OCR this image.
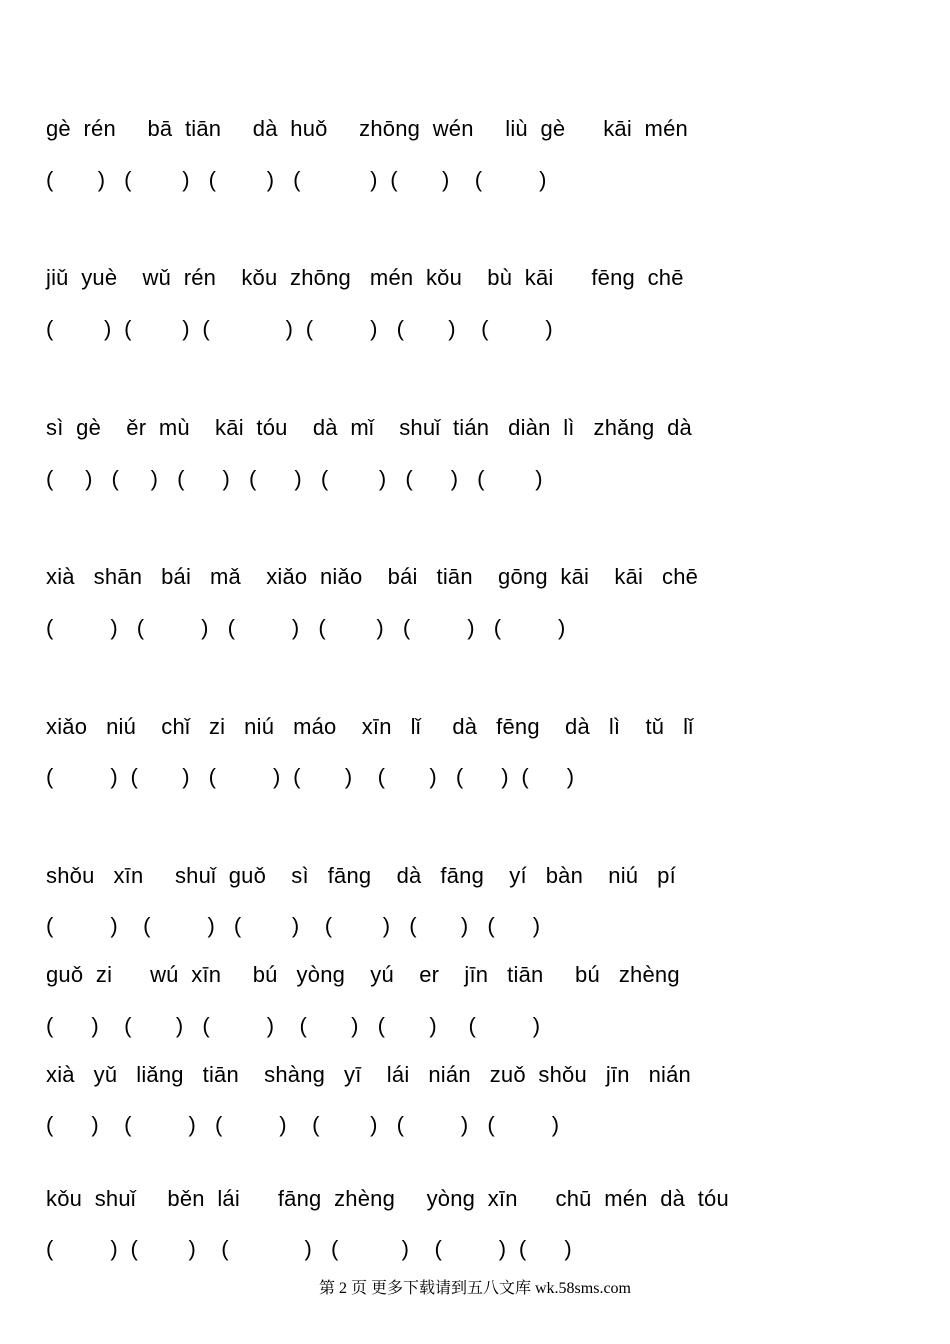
gè  rén     bā  tiān     dà  huǒ     zhōng  wén     liù  gè      kāi  mén
(       )   (        )   (        )   (           )  (       )    (         )
jiǔ  yuè    wǔ  rén    kǒu  zhōng   mén  kǒu    bù  kāi      fēng  chē
(        )  (        )  (            )  (         )   (       )    (         )
sì  gè    ěr  mù    kāi  tóu    dà  mǐ    shuǐ  tián   diàn  lì   zhǎng  dà
(     )   (     )   (      )   (      )   (        )   (      )   (        )
xià   shān   bái   mǎ    xiǎo  niǎo    bái   tiān    gōng  kāi    kāi   chē
(         )   (         )   (         )   (        )   (         )   (         )
xiǎo   niú    chǐ   zi   niú   máo    xīn   lǐ     dà   fēng    dà   lì    tǔ   lǐ
(         )  (       )   (         )  (       )    (       )   (      )  (      )
shǒu   xīn     shuǐ  guǒ    sì   fāng    dà   fāng    yí   bàn    niú   pí
(         )    (         )   (        )    (        )   (       )   (      )
guǒ  zi      wú  xīn     bú   yòng    yú    er    jīn   tiān     bú   zhèng
(      )    (       )   (         )    (       )   (       )     (         )
xià   yǔ   liǎng   tiān    shàng   yī    lái   nián   zuǒ  shǒu   jīn   nián
(      )    (         )   (         )    (        )   (         )   (         )
kǒu  shuǐ     běn  lái      fāng  zhèng     yòng  xīn      chū  mén  dà  tóu
(         )  (        )    (            )   (          )    (         )  (      )
第 2 页 更多下载请到五八文库 wk.58sms.com
